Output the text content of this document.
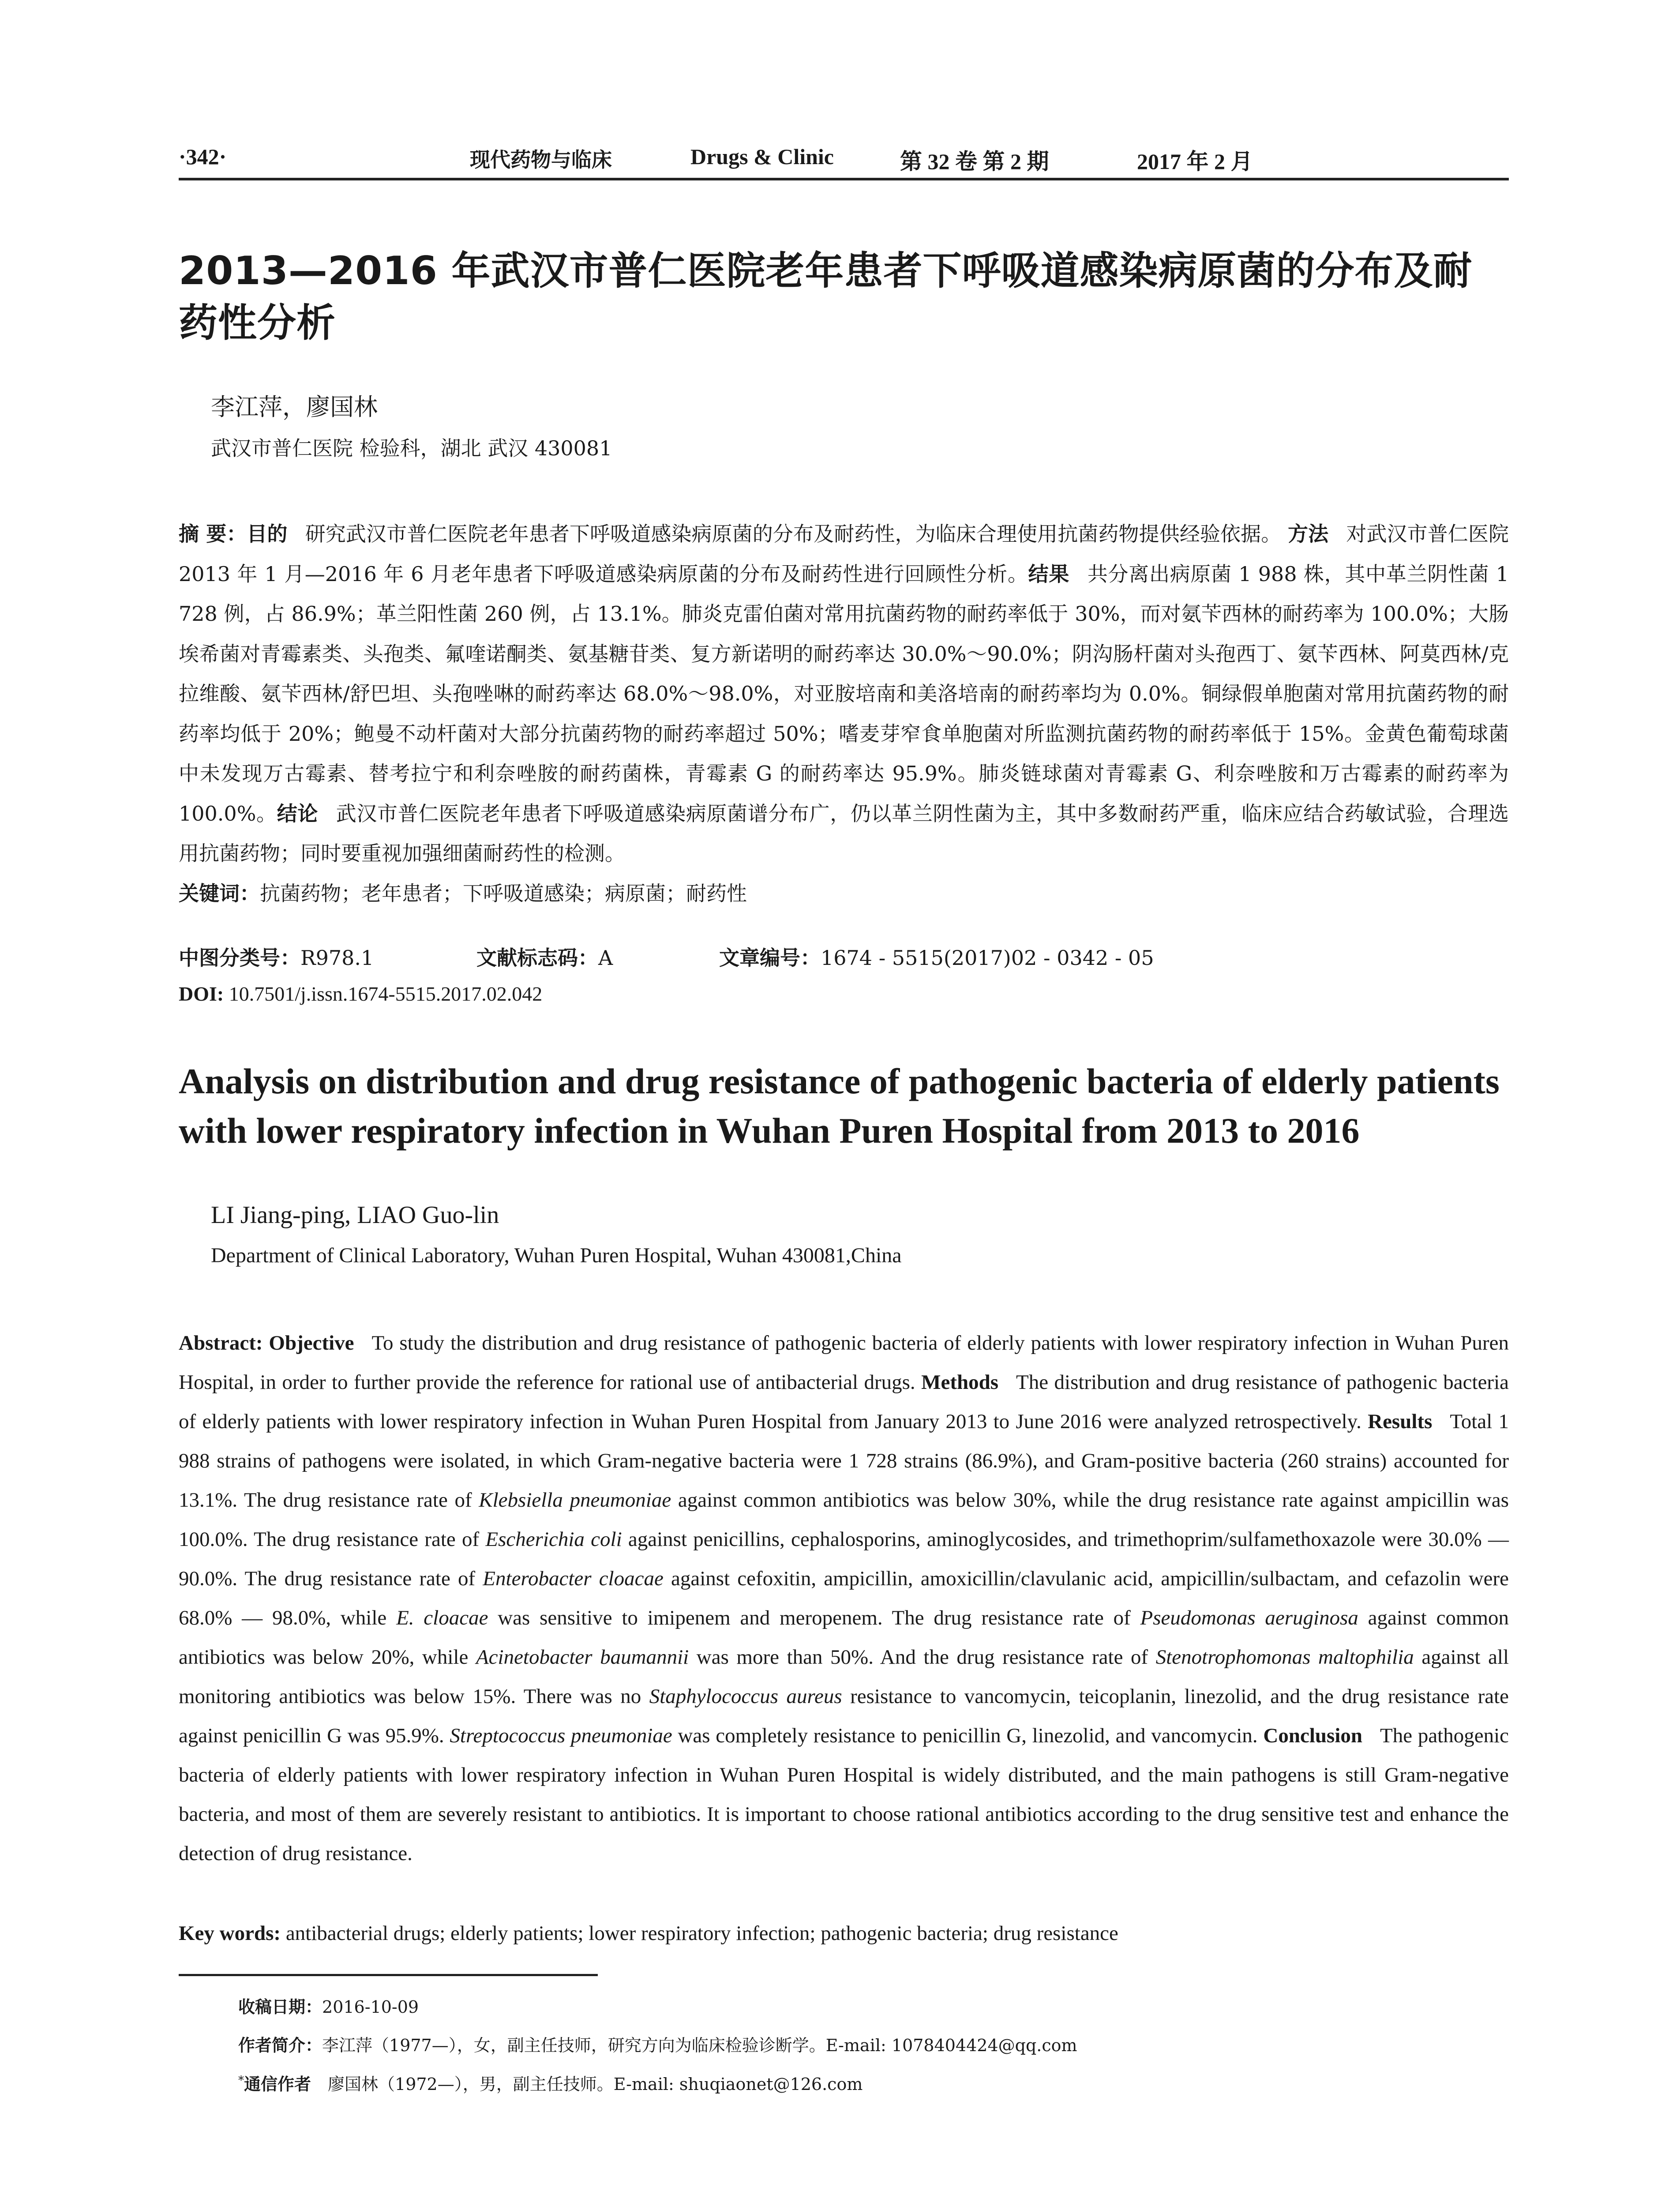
·342·	现代药物与临床	Drugs & Clinic	第 32 卷 第 2 期	2017 年 2 月
2013—2016 年武汉市普仁医院老年患者下呼吸道感染病原菌的分布及耐药性分析
李江萍，廖国林
武汉市普仁医院 检验科，湖北 武汉 430081
摘 要：目的 研究武汉市普仁医院老年患者下呼吸道感染病原菌的分布及耐药性，为临床合理使用抗菌药物提供经验依据。 方法 对武汉市普仁医院 2013 年 1 月—2016 年 6 月老年患者下呼吸道感染病原菌的分布及耐药性进行回顾性分析。结果 共分离出病原菌 1 988 株，其中革兰阴性菌 1 728 例，占 86.9%；革兰阳性菌 260 例，占 13.1%。肺炎克雷伯菌对常用抗菌药物的耐药率低于 30%，而对氨苄西林的耐药率为 100.0%；大肠埃希菌对青霉素类、头孢类、氟喹诺酮类、氨基糖苷类、复方新诺明的耐药率达 30.0%～90.0%；阴沟肠杆菌对头孢西丁、氨苄西林、阿莫西林/克拉维酸、氨苄西林/舒巴坦、头孢唑啉的耐药率达 68.0%～98.0%，对亚胺培南和美洛培南的耐药率均为 0.0%。铜绿假单胞菌对常用抗菌药物的耐药率均低于 20%；鲍曼不动杆菌对大部分抗菌药物的耐药率超过 50%；嗜麦芽窄食单胞菌对所监测抗菌药物的耐药率低于 15%。金黄色葡萄球菌中未发现万古霉素、替考拉宁和利奈唑胺的耐药菌株，青霉素 G 的耐药率达 95.9%。肺炎链球菌对青霉素 G、利奈唑胺和万古霉素的耐药率为 100.0%。结论 武汉市普仁医院老年患者下呼吸道感染病原菌谱分布广，仍以革兰阴性菌为主，其中多数耐药严重，临床应结合药敏试验，合理选用抗菌药物；同时要重视加强细菌耐药性的检测。
关键词：抗菌药物；老年患者；下呼吸道感染；病原菌；耐药性
中图分类号：R978.1	文献标志码：A	文章编号：1674 - 5515(2017)02 - 0342 - 05
DOI: 10.7501/j.issn.1674-5515.2017.02.042
Analysis on distribution and drug resistance of pathogenic bacteria of elderly patients with lower respiratory infection in Wuhan Puren Hospital from 2013 to 2016
LI Jiang-ping, LIAO Guo-lin
Department of Clinical Laboratory, Wuhan Puren Hospital, Wuhan 430081,China
Abstract: Objective To study the distribution and drug resistance of pathogenic bacteria of elderly patients with lower respiratory infection in Wuhan Puren Hospital, in order to further provide the reference for rational use of antibacterial drugs. Methods The distribution and drug resistance of pathogenic bacteria of elderly patients with lower respiratory infection in Wuhan Puren Hospital from January 2013 to June 2016 were analyzed retrospectively. Results Total 1 988 strains of pathogens were isolated, in which Gram-negative bacteria were 1 728 strains (86.9%), and Gram-positive bacteria (260 strains) accounted for 13.1%. The drug resistance rate of Klebsiella pneumoniae against common antibiotics was below 30%, while the drug resistance rate against ampicillin was 100.0%. The drug resistance rate of Escherichia coli against penicillins, cephalosporins, aminoglycosides, and trimethoprim/sulfamethoxazole were 30.0% — 90.0%. The drug resistance rate of Enterobacter cloacae against cefoxitin, ampicillin, amoxicillin/clavulanic acid, ampicillin/sulbactam, and cefazolin were 68.0% — 98.0%, while E. cloacae was sensitive to imipenem and meropenem. The drug resistance rate of Pseudomonas aeruginosa against common antibiotics was below 20%, while Acinetobacter baumannii was more than 50%. And the drug resistance rate of Stenotrophomonas maltophilia against all monitoring antibiotics was below 15%. There was no Staphylococcus aureus resistance to vancomycin, teicoplanin, linezolid, and the drug resistance rate against penicillin G was 95.9%. Streptococcus pneumoniae was completely resistance to penicillin G, linezolid, and vancomycin. Conclusion The pathogenic bacteria of elderly patients with lower respiratory infection in Wuhan Puren Hospital is widely distributed, and the main pathogens is still Gram-negative bacteria, and most of them are severely resistant to antibiotics. It is important to choose rational antibiotics according to the drug sensitive test and enhance the detection of drug resistance.
Key words: antibacterial drugs; elderly patients; lower respiratory infection; pathogenic bacteria; drug resistance
收稿日期：2016-10-09
作者简介：李江萍（1977—），女，副主任技师，研究方向为临床检验诊断学。E-mail: 1078404424@qq.com
*通信作者 廖国林（1972—），男，副主任技师。E-mail: shuqiaonet@126.com
